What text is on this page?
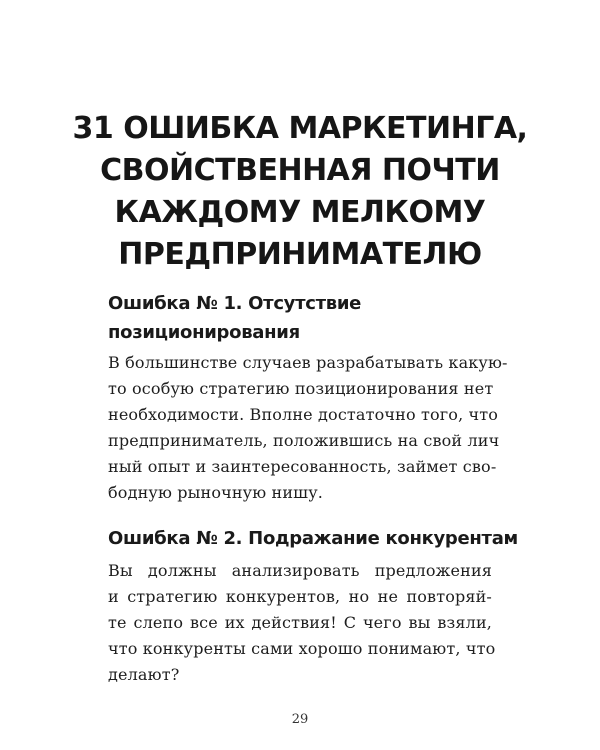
31 ОШИБКА МАРКЕТИНГА,
СВОЙСТВЕННАЯ ПОЧТИ
КАЖДОМУ МЕЛКОМУ
ПРЕДПРИНИМАТЕЛЮ
Ошибка № 1. Отсутствие
позиционирования
В большинстве случаев разрабатывать какую-
то особую стратегию позиционирования нет
необходимости. Вполне достаточно того, что
предприниматель, положившись на свой лич
ный опыт и заинтересованность, займет сво-
бодную рыночную нишу.
Ошибка № 2. Подражание конкурентам
Вы должны анализировать предложения
и стратегию конкурентов, но не повторяй-
те слепо все их действия! С чего вы взяли,
что конкуренты сами хорошо понимают, что
делают?
29
